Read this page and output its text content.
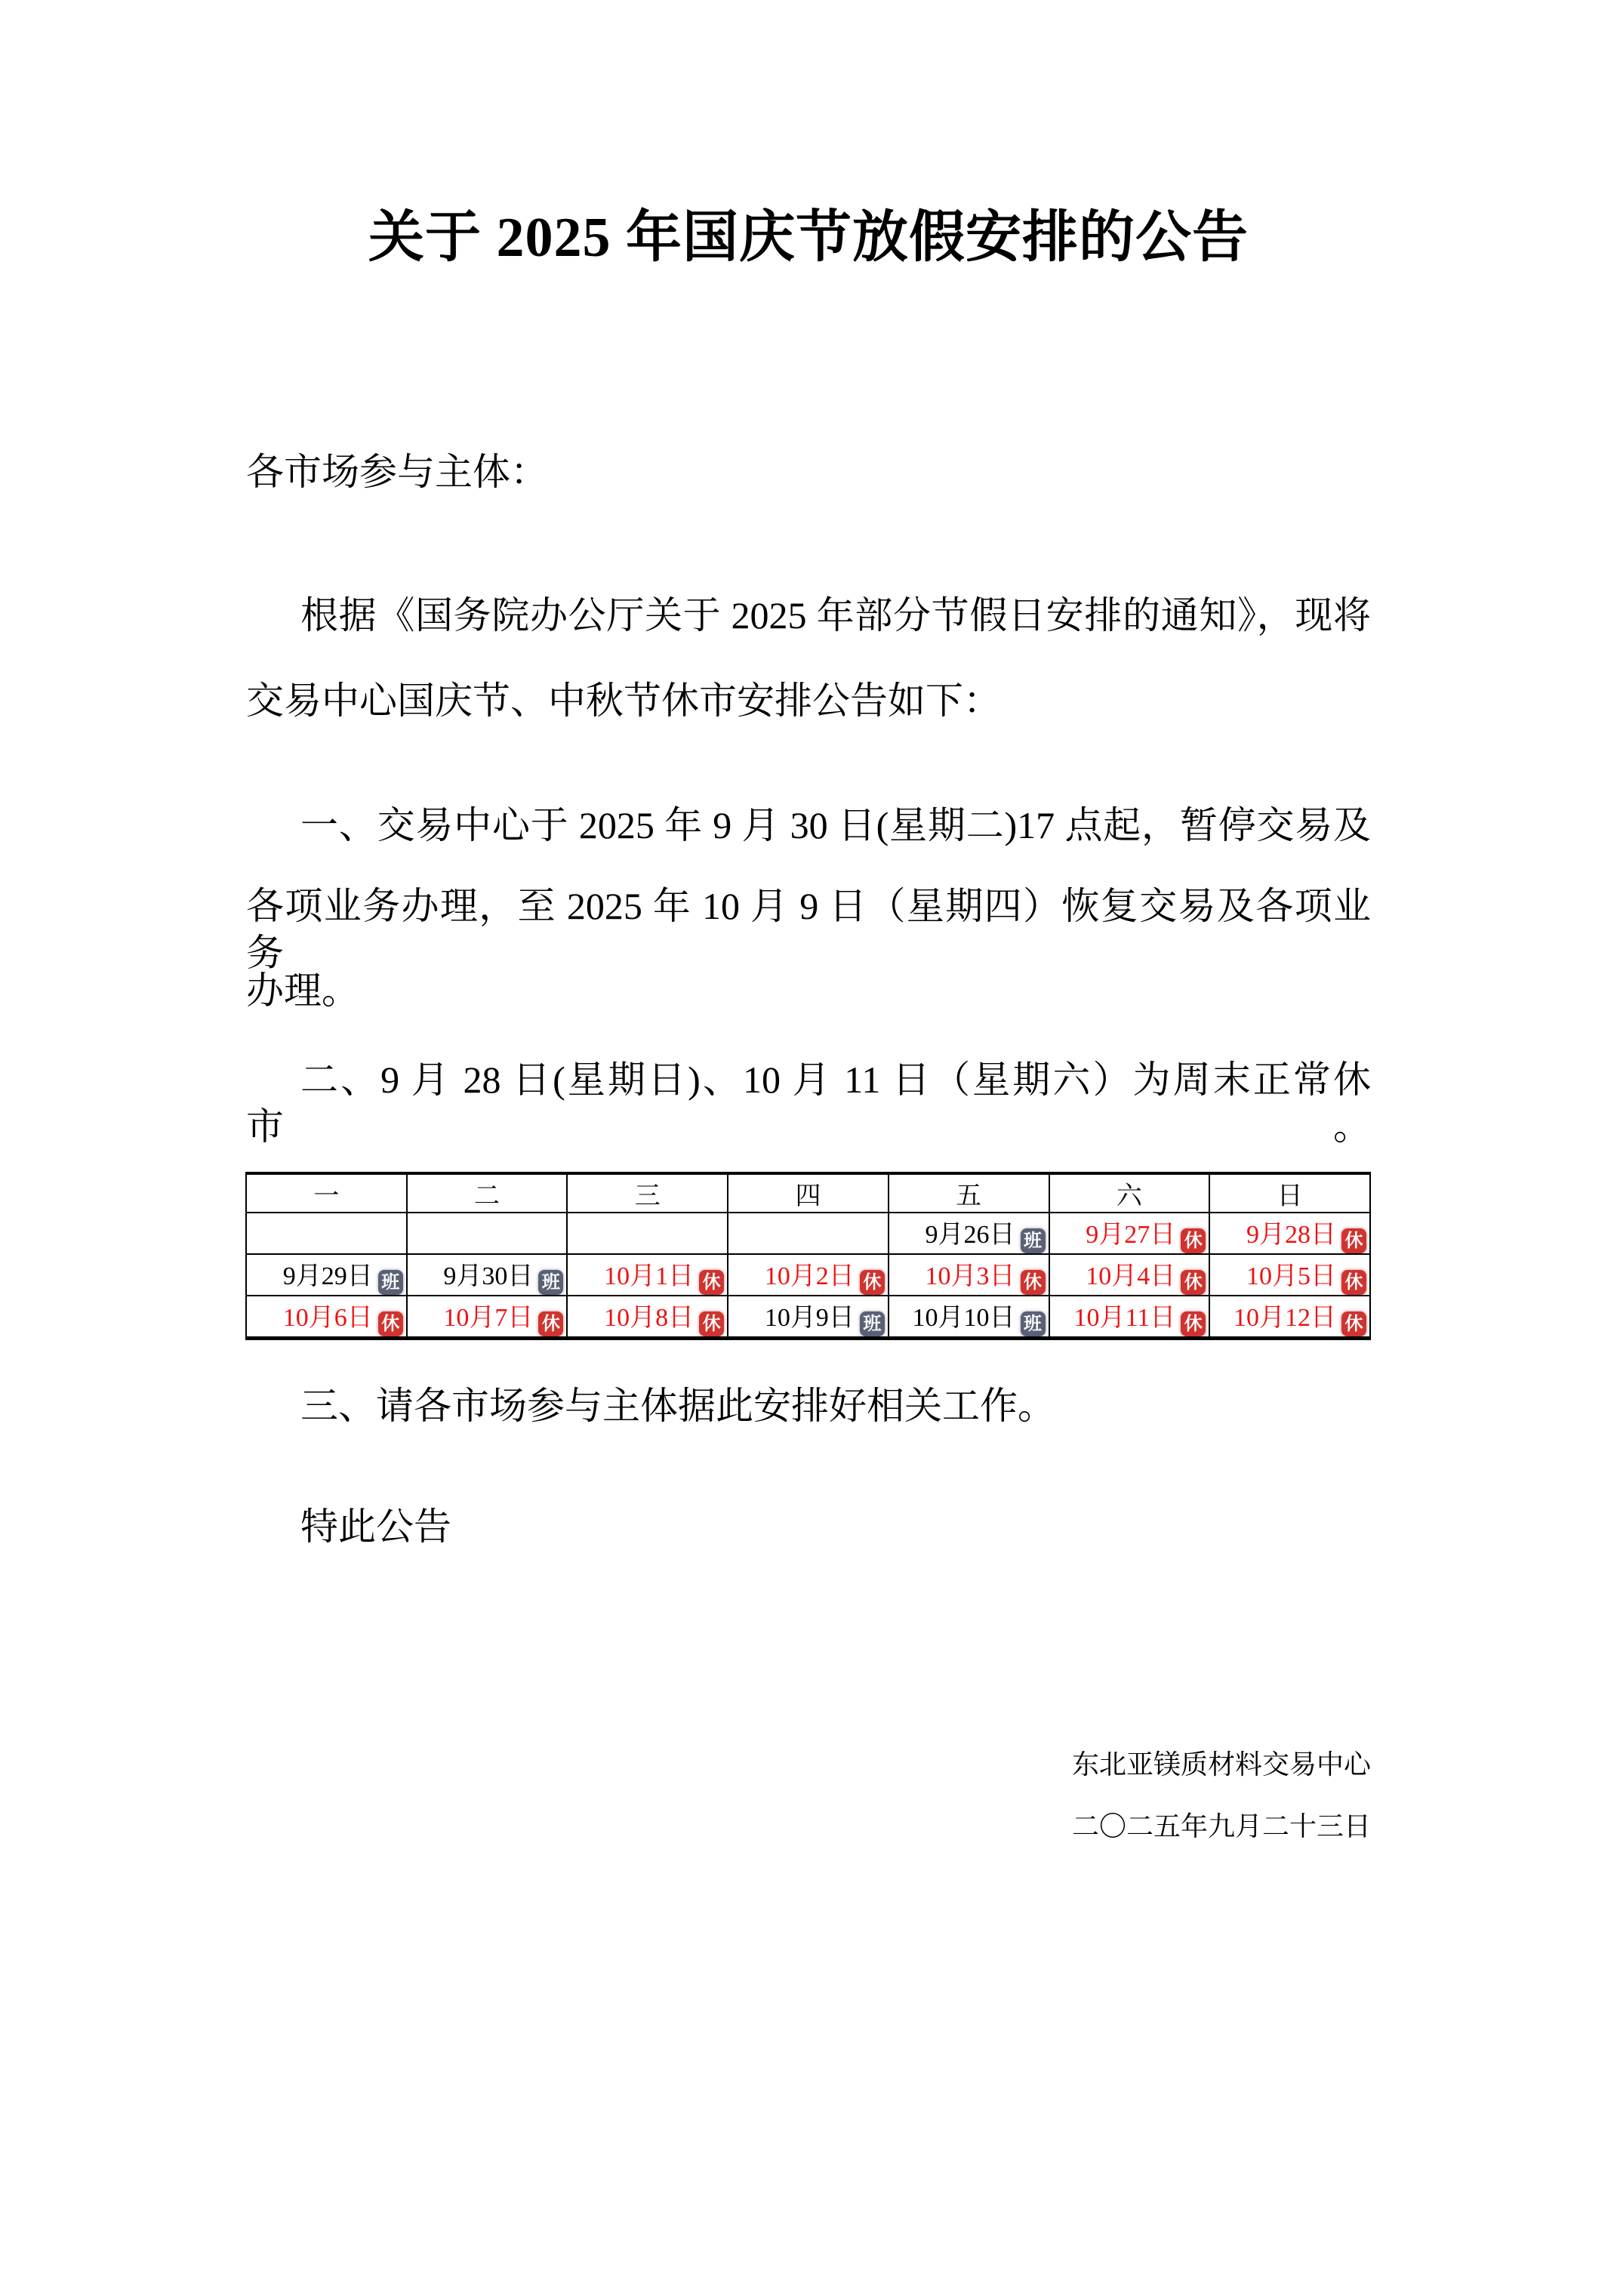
关于 2025 年国庆节放假安排的公告
各市场参与主体：
根据《国务院办公厅关于 2025 年部分节假日安排的通知》，现将
交易中心国庆节、中秋节休市安排公告如下：
一、交易中心于 2025 年 9 月 30 日(星期二)17 点起，暂停交易及
各项业务办理，至 2025 年 10 月 9 日（星期四）恢复交易及各项业务
办理。
二、9 月 28 日(星期日)、10 月 11 日（星期六）为周末正常休市。
一	二	三	四	五	六	日
				9月26日 班	9月27日 休	9月28日 休
9月29日 班	9月30日 班	10月1日 休	10月2日 休	10月3日 休	10月4日 休	10月5日 休
10月6日 休	10月7日 休	10月8日 休	10月9日 班	10月10日 班	10月11日 休	10月12日 休
三、请各市场参与主体据此安排好相关工作。
特此公告
东北亚镁质材料交易中心
二〇二五年九月二十三日
